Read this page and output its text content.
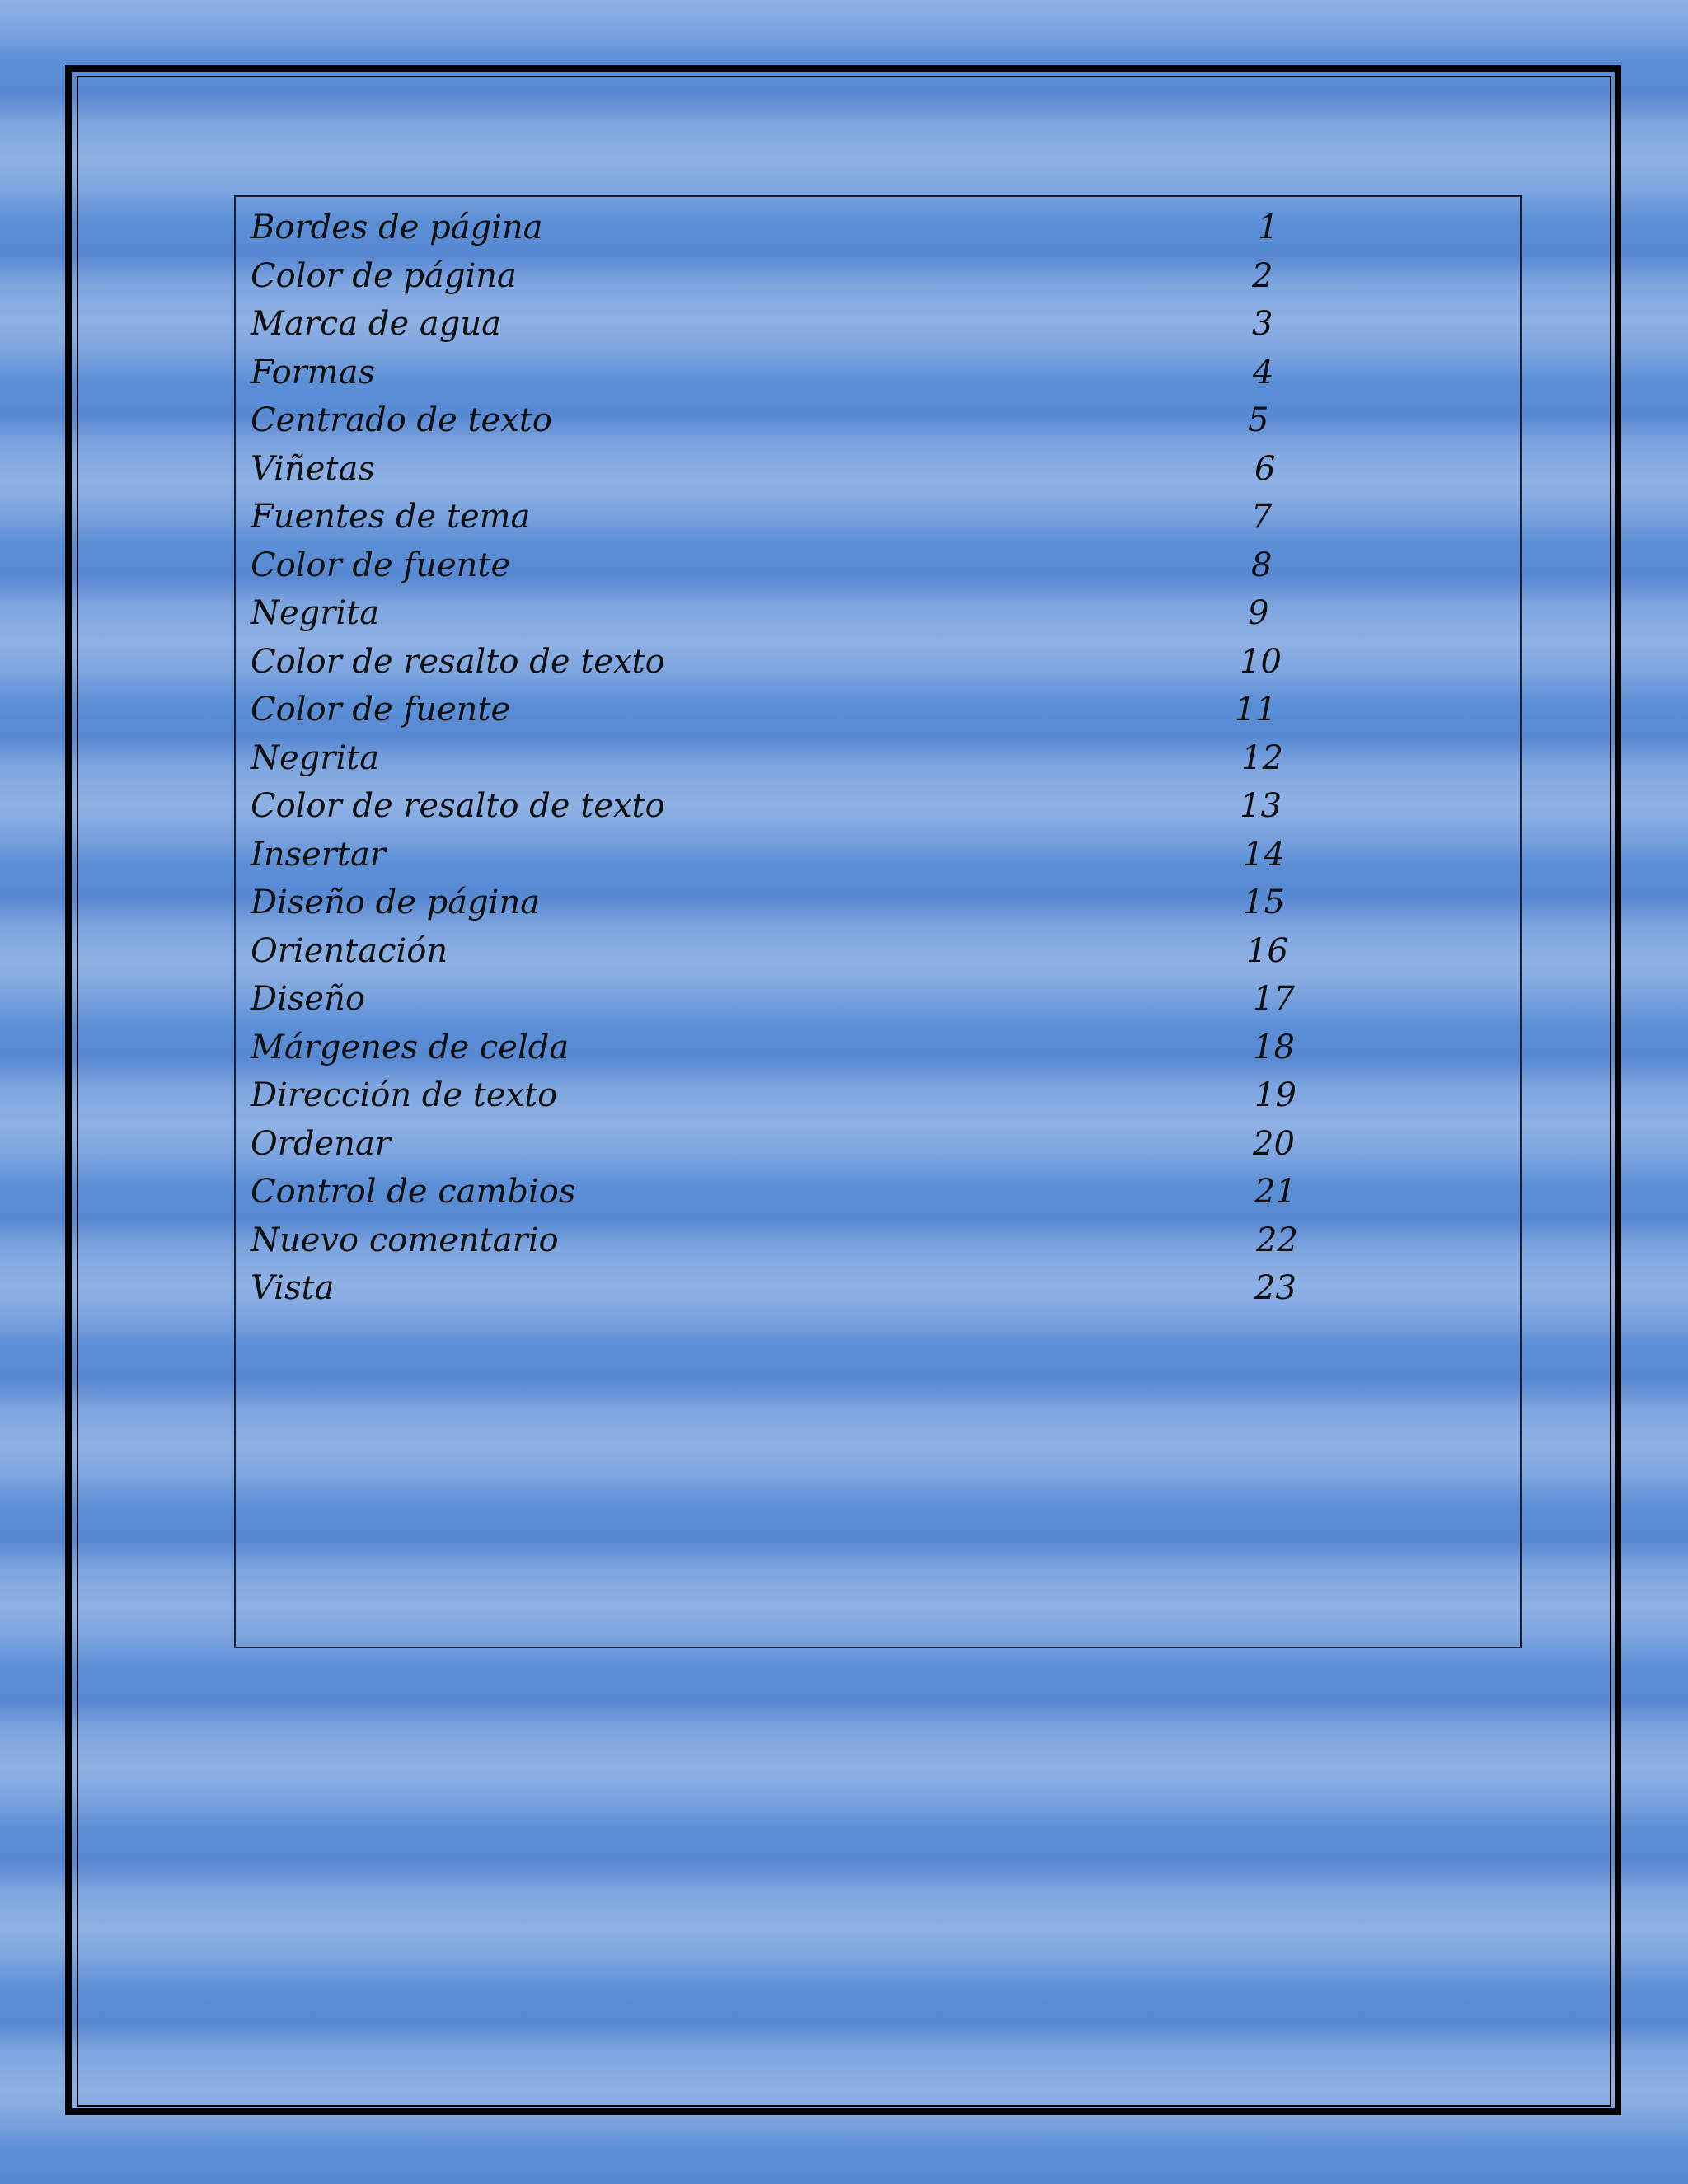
Bordes de página	1
Color de página	2
Marca de agua	3
Formas	4
Centrado de texto	5
Viñetas	6
Fuentes de tema	7
Color de fuente	8
Negrita	9
Color de resalto de texto	10
Color de fuente	11
Negrita	12
Color de resalto de texto	13
Insertar	14
Diseño de página	15
Orientación	16
Diseño	17
Márgenes de celda	18
Dirección de texto	19
Ordenar	20
Control de cambios	21
Nuevo comentario	22
Vista	23
